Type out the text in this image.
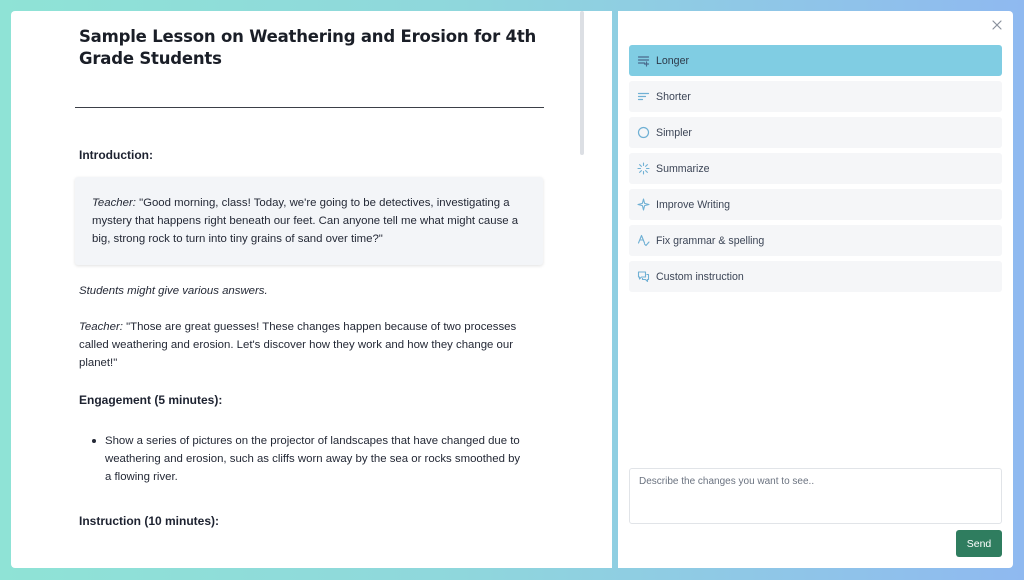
Sample Lesson on Weathering and Erosion for 4th Grade Students
Introduction:
Teacher: "Good morning, class! Today, we're going to be detectives, investigating a mystery that happens right beneath our feet. Can anyone tell me what might cause a big, strong rock to turn into tiny grains of sand over time?"
Students might give various answers.
Teacher: "Those are great guesses! These changes happen because of two processes called weathering and erosion. Let's discover how they work and how they change our planet!"
Engagement (5 minutes):
Show a series of pictures on the projector of landscapes that have changed due to weathering and erosion, such as cliffs worn away by the sea or rocks smoothed by a flowing river.
Instruction (10 minutes):
Longer
Shorter
Simpler
Summarize
Improve Writing
Fix grammar & spelling
Custom instruction
Describe the changes you want to see..
Send
